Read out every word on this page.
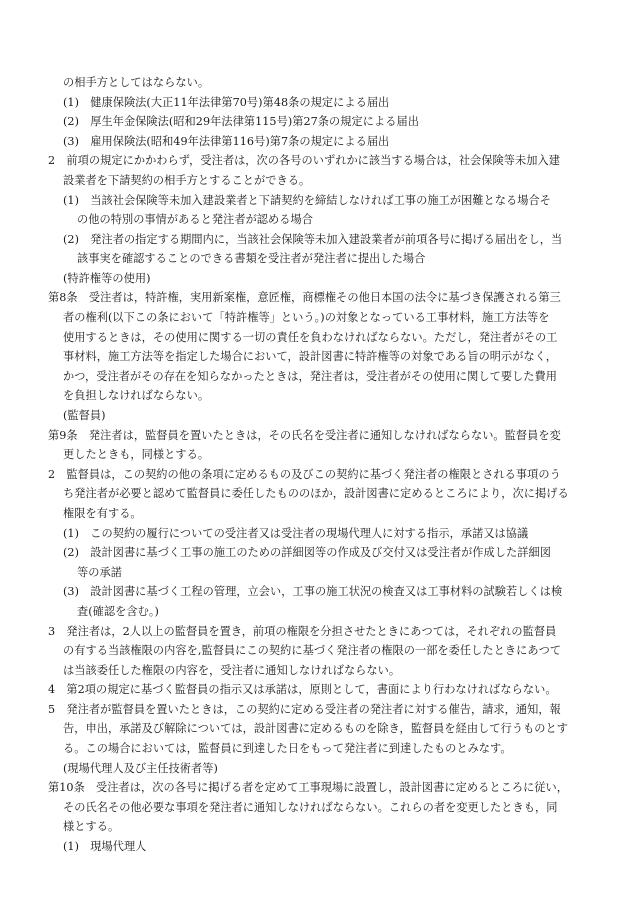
の相手方としてはならない。
(1)　健康保険法(大正11年法律第70号)第48条の規定による届出
(2)　厚生年金保険法(昭和29年法律第115号)第27条の規定による届出
(3)　雇用保険法(昭和49年法律第116号)第7条の規定による届出
2　前項の規定にかかわらず，受注者は，次の各号のいずれかに該当する場合は，社会保険等未加入建
設業者を下請契約の相手方とすることができる。
(1)　当該社会保険等未加入建設業者と下請契約を締結しなければ工事の施工が困難となる場合そ
の他の特別の事情があると発注者が認める場合
(2)　発注者の指定する期間内に，当該社会保険等未加入建設業者が前項各号に掲げる届出をし，当
該事実を確認することのできる書類を受注者が発注者に提出した場合
(特許権等の使用)
第8条　受注者は，特許権，実用新案権，意匠権，商標権その他日本国の法令に基づき保護される第三
者の権利(以下この条において「特許権等」という。)の対象となっている工事材料，施工方法等を
使用するときは，その使用に関する一切の責任を負わなければならない。ただし，発注者がその工
事材料，施工方法等を指定した場合において，設計図書に特許権等の対象である旨の明示がなく，
かつ，受注者がその存在を知らなかったときは，発注者は，受注者がその使用に関して要した費用
を負担しなければならない。
(監督員)
第9条　発注者は，監督員を置いたときは，その氏名を受注者に通知しなければならない。監督員を変
更したときも，同様とする。
2　監督員は，この契約の他の条項に定めるもの及びこの契約に基づく発注者の権限とされる事項のう
ち発注者が必要と認めて監督員に委任したもののほか，設計図書に定めるところにより，次に掲げる
権限を有する。
(1)　この契約の履行についての受注者又は受注者の現場代理人に対する指示，承諾又は協議
(2)　設計図書に基づく工事の施工のための詳細図等の作成及び交付又は受注者が作成した詳細図
等の承諾
(3)　設計図書に基づく工程の管理，立会い，工事の施工状況の検査又は工事材料の試験若しくは検
査(確認を含む。)
3　発注者は，2人以上の監督員を置き，前項の権限を分担させたときにあつては，それぞれの監督員
の有する当該権限の内容を,監督員にこの契約に基づく発注者の権限の一部を委任したときにあつて
は当該委任した権限の内容を，受注者に通知しなければならない。
4　第2項の規定に基づく監督員の指示又は承諾は，原則として，書面により行わなければならない。
5　発注者が監督員を置いたときは，この契約に定める受注者の発注者に対する催告，請求，通知，報
告，申出，承諾及び解除については，設計図書に定めるものを除き，監督員を経由して行うものとす
る。この場合においては，監督員に到達した日をもって発注者に到達したものとみなす。
(現場代理人及び主任技術者等)
第10条　受注者は，次の各号に掲げる者を定めて工事現場に設置し，設計図書に定めるところに従い，
その氏名その他必要な事項を発注者に通知しなければならない。これらの者を変更したときも，同
様とする。
(1)　現場代理人
